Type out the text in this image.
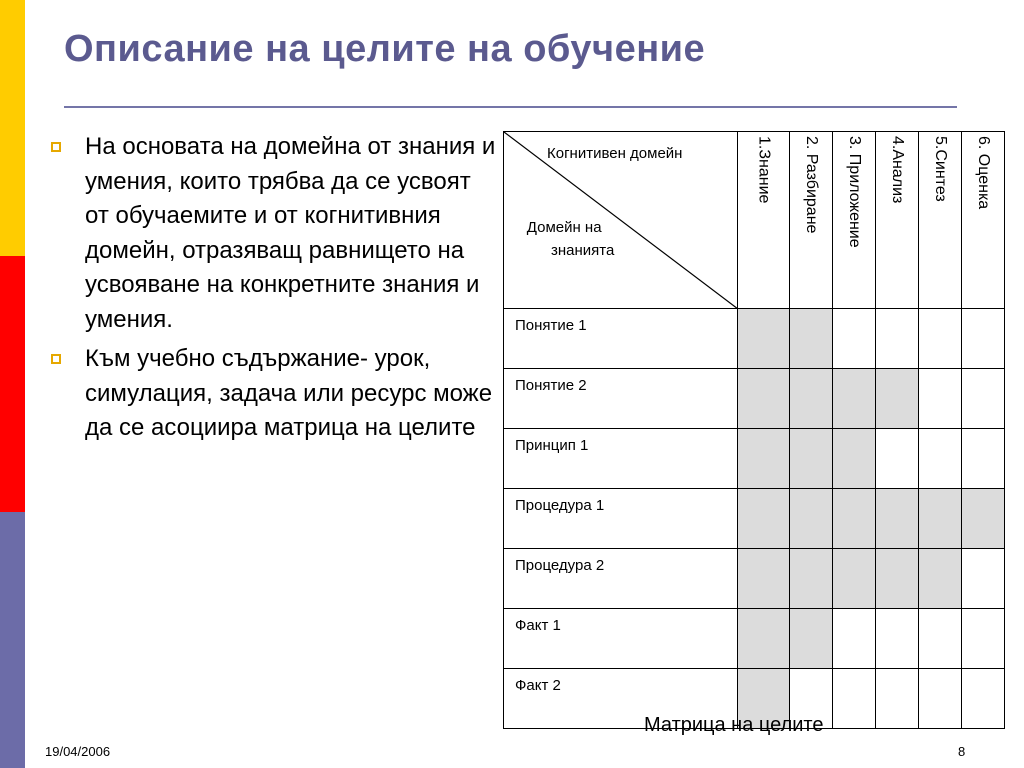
Описание на целите на обучение
На основата на домейна от знания и умения, които трябва да се усвоят от обучаемите и от когнитивния домейн, отразяващ равнището на усвояване на конкретните знания и умения.
Към учебно съдържание- урок, симулация, задача или ресурс може да се асоциира матрица на целите
Когнитивен домейн
Домейн на
знанията	1.Знание	2. Разбиране	3. Приложение	4.Анализ	5.Синтез	6. Оценка

Понятие 1						
Понятие 2						
Принцип 1						
Процедура 1						
Процедура 2						
Факт 1						
Факт 2						
Матрица на целите
19/04/2006	8
